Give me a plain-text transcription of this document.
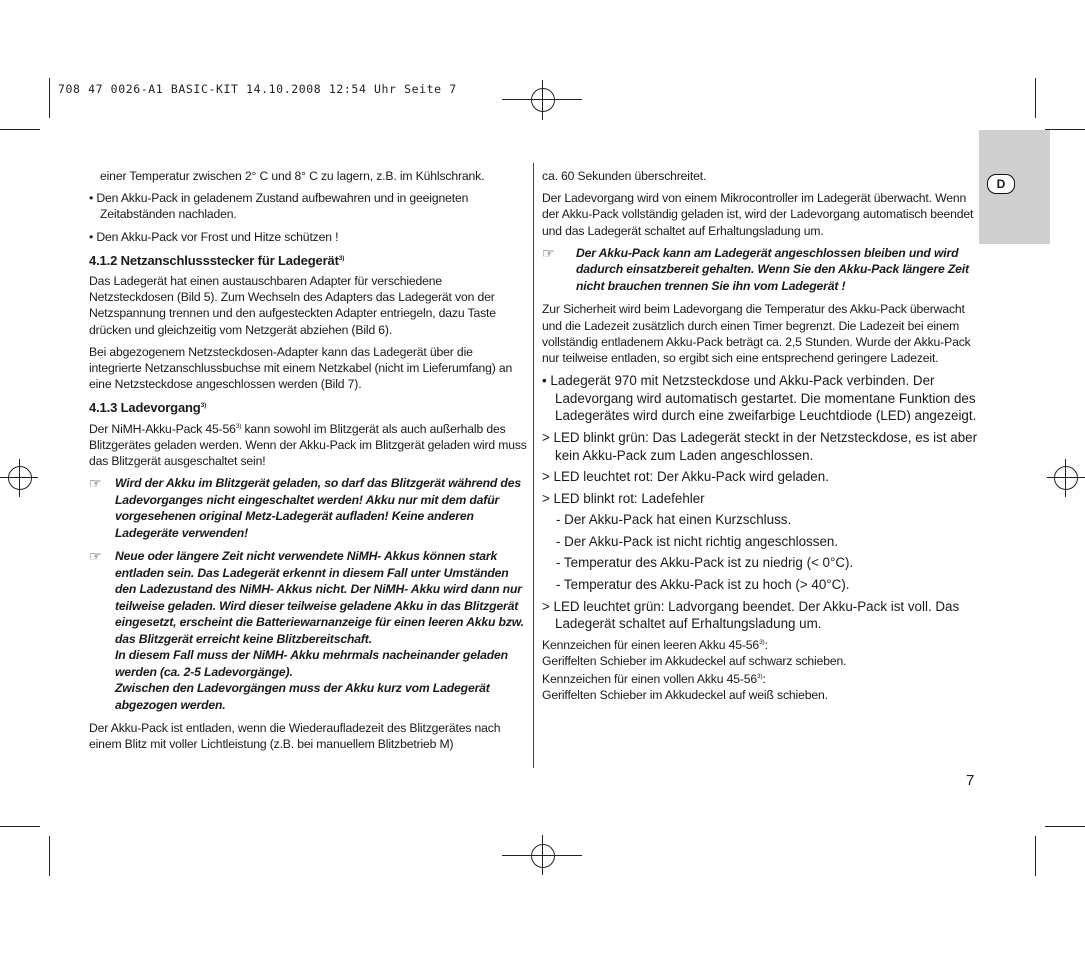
708 47 0026-A1 BASIC-KIT 14.10.2008 12:54 Uhr Seite 7
D

einer Temperatur zwischen 2° C und 8° C zu lagern, z.B. im Kühlschrank.

• Den Akku-Pack in geladenem Zustand aufbewahren und in geeigneten Zeitabständen nachladen.

• Den Akku-Pack vor Frost und Hitze schützen !

4.1.2 Netzanschlussstecker für Ladegerät$^{3)}$

Das Ladegerät hat einen austauschbaren Adapter für verschiedene Netzsteckdosen (Bild 5). Zum Wechseln des Adapters das Ladegerät von der Netzspannung trennen und den aufgesteckten Adapter entriegeln, dazu Taste drücken und gleichzeitig vom Netzgerät abziehen (Bild 6).

Bei abgezogenem Netzsteckdosen-Adapter kann das Ladegerät über die integrierte Netzanschlussbuchse mit einem Netzkabel (nicht im Lieferumfang) an eine Netzsteckdose angeschlossen werden (Bild 7).

4.1.3 Ladevorgang$^{3)}$

Der NiMH-Akku-Pack 45-56$^{3)}$ kann sowohl im Blitzgerät als auch außerhalb des Blitzgerätes geladen werden. Wenn der Akku-Pack im Blitzgerät geladen wird muss das Blitzgerät ausgeschaltet sein!

☞	Wird der Akku im Blitzgerät geladen, so darf das Blitzgerät während des Ladevorganges nicht eingeschaltet werden! Akku nur mit dem dafür vorgesehenen original Metz-Ladegerät aufladen! Keine anderen Ladegeräte verwenden!
☞	Neue oder längere Zeit nicht verwendete NiMH- Akkus können stark entladen sein. Das Ladegerät erkennt in diesem Fall unter Umständen den Ladezustand des NiMH- Akkus nicht. Der NiMH- Akku wird dann nur teilweise geladen. Wird dieser teilweise geladene Akku in das Blitzgerät eingesetzt, erscheint die Batteriewarnanzeige für einen leeren Akku bzw. das Blitzgerät erreicht keine Blitzbereitschaft.
In diesem Fall muss der NiMH- Akku mehrmals nacheinander geladen werden (ca. 2-5 Ladevorgänge).
Zwischen den Ladevorgängen muss der Akku kurz vom Ladegerät abgezogen werden.

Der Akku-Pack ist entladen, wenn die Wiederaufladezeit des Blitzgerätes nach einem Blitz mit voller Lichtleistung (z.B. bei manuellem Blitzbetrieb M)

ca. 60 Sekunden überschreitet.

Der Ladevorgang wird von einem Mikrocontroller im Ladegerät überwacht. Wenn der Akku-Pack vollständig geladen ist, wird der Ladevorgang automatisch beendet und das Ladegerät schaltet auf Erhaltungsladung um.

☞	Der Akku-Pack kann am Ladegerät angeschlossen bleiben und wird dadurch einsatzbereit gehalten. Wenn Sie den Akku-Pack längere Zeit nicht brauchen trennen Sie ihn vom Ladegerät !

Zur Sicherheit wird beim Ladevorgang die Temperatur des Akku-Pack überwacht und die Ladezeit zusätzlich durch einen Timer begrenzt. Die Ladezeit bei einem vollständig entladenem Akku-Pack beträgt ca. 2,5 Stunden. Wurde der Akku-Pack nur teilweise entladen, so ergibt sich eine entsprechend geringere Ladezeit.

• Ladegerät 970 mit Netzsteckdose und Akku-Pack verbinden. Der Ladevorgang wird automatisch gestartet. Die momentane Funktion des Ladegerätes wird durch eine zweifarbige Leuchtdiode (LED) angezeigt.

> LED blinkt grün: Das Ladegerät steckt in der Netzsteckdose, es ist aber kein Akku-Pack zum Laden angeschlossen.

> LED leuchtet rot: Der Akku-Pack wird geladen.

> LED blinkt rot: Ladefehler

- Der Akku-Pack hat einen Kurzschluss.

- Der Akku-Pack ist nicht richtig angeschlossen.

- Temperatur des Akku-Pack ist zu niedrig (< 0°C).

- Temperatur des Akku-Pack ist zu hoch (> 40°C).

> LED leuchtet grün: Ladvorgang beendet. Der Akku-Pack ist voll. Das Ladegerät schaltet auf Erhaltungsladung um.

Kennzeichen für einen leeren Akku 45-56$^{3)}$:
Geriffelten Schieber im Akkudeckel auf schwarz schieben.

Kennzeichen für einen vollen Akku 45-56$^{3)}$:
Geriffelten Schieber im Akkudeckel auf weiß schieben.

7
